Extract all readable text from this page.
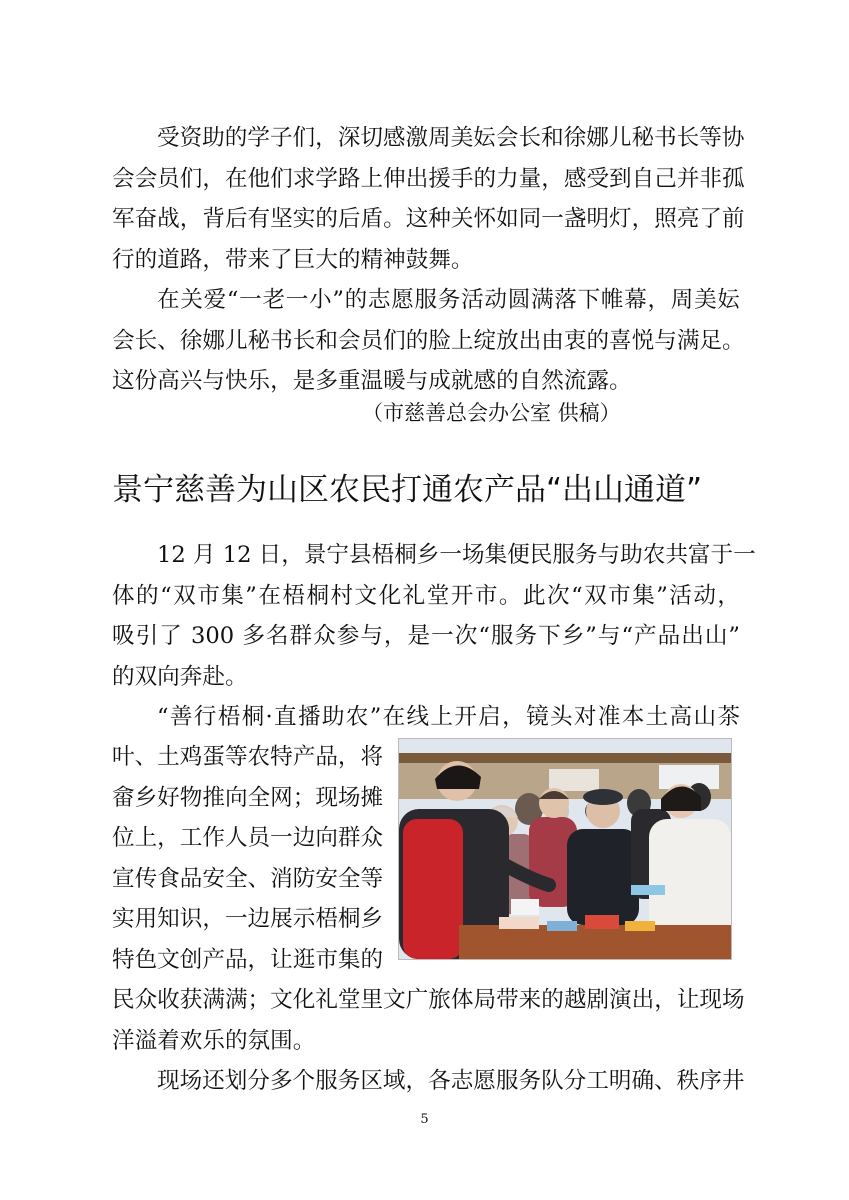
受资助的学子们，深切感激周美妘会长和徐娜儿秘书长等协
会会员们，在他们求学路上伸出援手的力量，感受到自己并非孤
军奋战，背后有坚实的后盾。这种关怀如同一盏明灯，照亮了前
行的道路，带来了巨大的精神鼓舞。
在关爱“一老一小”的志愿服务活动圆满落下帷幕，周美妘
会长、徐娜儿秘书长和会员们的脸上绽放出由衷的喜悦与满足。
这份高兴与快乐，是多重温暖与成就感的自然流露。
（市慈善总会办公室 供稿）
景宁慈善为山区农民打通农产品“出山通道”
12 月 12 日，景宁县梧桐乡一场集便民服务与助农共富于一
体的“双市集”在梧桐村文化礼堂开市。此次“双市集”活动，
吸引了 300 多名群众参与，是一次“服务下乡”与“产品出山”
的双向奔赴。
“善行梧桐·直播助农”在线上开启，镜头对准本土高山茶
叶、土鸡蛋等农特产品，将
畲乡好物推向全网；现场摊
位上，工作人员一边向群众
宣传食品安全、消防安全等
实用知识，一边展示梧桐乡
特色文创产品，让逛市集的
民众收获满满；文化礼堂里文广旅体局带来的越剧演出，让现场
洋溢着欢乐的氛围。
现场还划分多个服务区域，各志愿服务队分工明确、秩序井
5
